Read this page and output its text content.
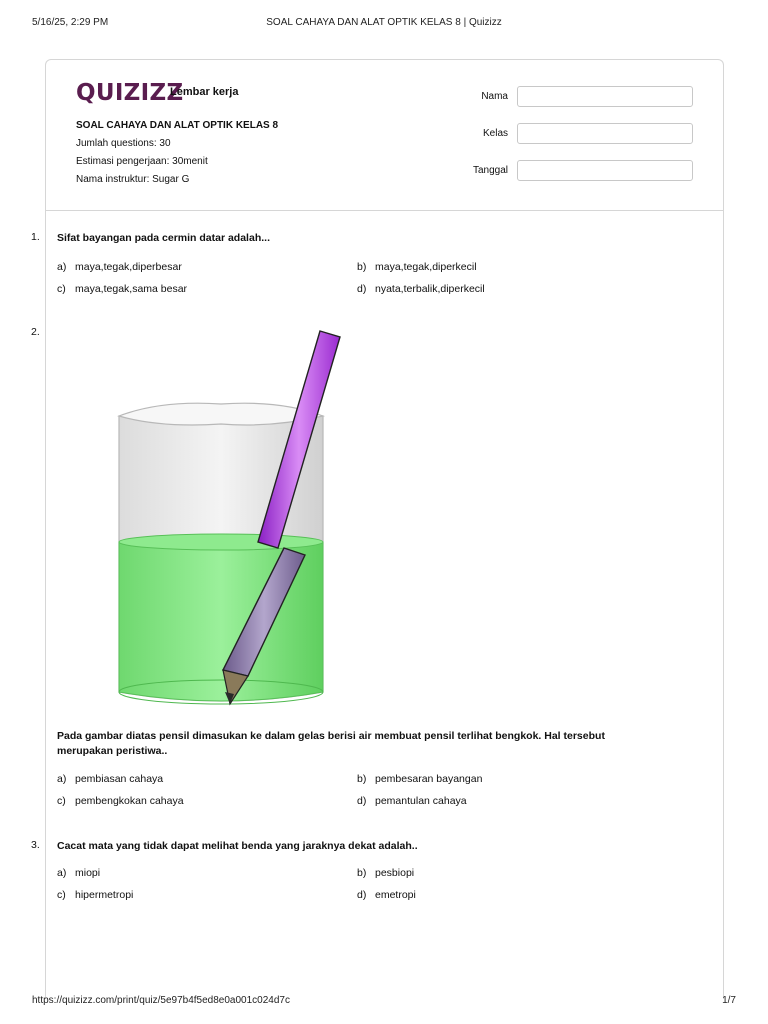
5/16/25, 2:29 PM	SOAL CAHAYA DAN ALAT OPTIK KELAS 8 | Quizizz
QUIZIZZ
Lembar kerja
SOAL CAHAYA DAN ALAT OPTIK KELAS 8
Jumlah questions: 30
Estimasi pengerjaan: 30menit
Nama instruktur: Sugar G
Nama
Kelas
Tanggal
1. Sifat bayangan pada cermin datar adalah...
a) maya,tegak,diperbesar	b) maya,tegak,diperkecil
c) maya,tegak,sama besar	d) nyata,terbalik,diperkecil
2.
Pada gambar diatas pensil dimasukan ke dalam gelas berisi air membuat pensil terlihat bengkok. Hal tersebut merupakan peristiwa..
a) pembiasan cahaya	b) pembesaran bayangan
c) pembengkokan cahaya	d) pemantulan cahaya
3. Cacat mata yang tidak dapat melihat benda yang jaraknya dekat adalah..
a) miopi	b) pesbiopi
c) hipermetropi	d) emetropi
https://quizizz.com/print/quiz/5e97b4f5ed8e0a001c024d7c	1/7
